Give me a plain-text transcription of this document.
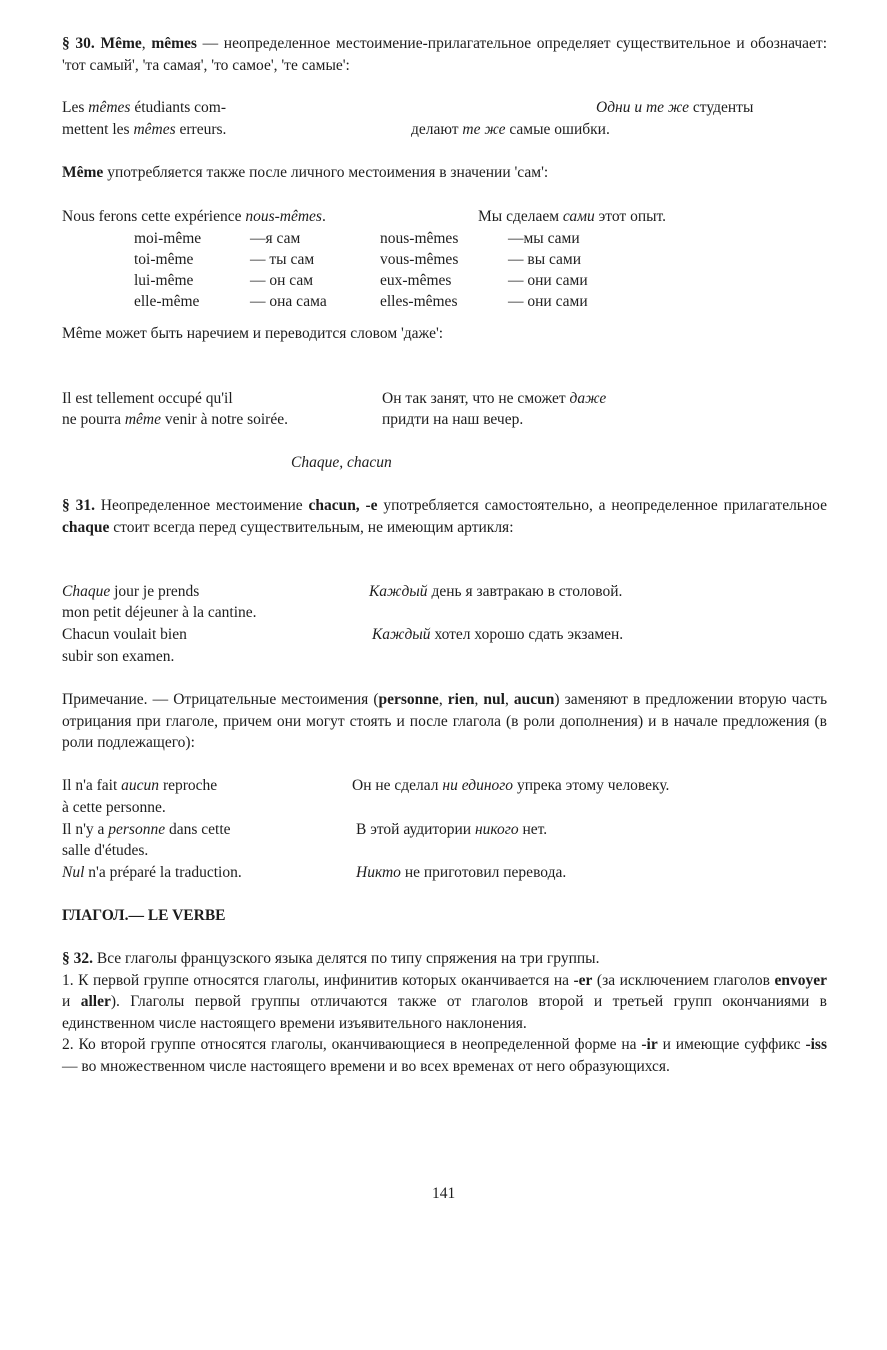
§ 30. Même, mêmes — неопределенное местоимение-прилагательное определяет существительное и обозначает: 'тот самый', 'та самая', 'то самое', 'те самые':
Les mêmes étudiants com-
mettent les mêmes erreurs.
Одни и те же студенты
делают те же самые ошибки.
Même употребляется также после личного местоимения в значении 'сам':
Nous ferons cette expérience nous-mêmes.	Мы сделаем сами этот опыт.
moi-même	—я сам	nous-mêmes	—мы сами
toi-même	— ты сам	vous-mêmes	— вы сами
lui-même	— он сам	eux-mêmes	— они сами
elle-même	— она сама	elles-mêmes	— они сами
Même может быть наречием и переводится словом 'даже':
Il est tellement occupé qu'il
ne pourra même venir à notre soirée.
Он так занят, что не сможет даже
придти на наш вечер.
Chaque, chacun
§ 31. Неопределенное местоимение chacun, -e употребляется самостоятельно, а неопределенное прилагательное chaque стоит всегда перед существительным, не имеющим артикля:
Chaque jour je prends
mon petit déjeuner à la cantine.
Каждый день я завтракаю в столовой.
Chacun voulait bien
subir son examen.
Каждый хотел хорошо сдать экзамен.
Примечание. — Отрицательные местоимения (personne, rien, nul, aucun) заменяют в предложении вторую часть отрицания при глаголе, причем они могут стоять и после глагола (в роли дополнения) и в начале предложения (в роли подлежащего):
Il n'a fait aucun reproche
à cette personne.
Он не сделал ни единого упрека этому человеку.
Il n'y a personne dans cette
salle d'études.
В этой аудитории никого нет.
Nul n'a préparé la traduction.	Никто не приготовил перевода.
ГЛАГОЛ.— LE VERBE
§ 32. Все глаголы французского языка делятся по типу спряжения на три группы.
1. К первой группе относятся глаголы, инфинитив которых оканчивается на -er (за исключением глаголов envoyer и aller). Глаголы первой группы отличаются также от глаголов второй и третьей групп окончаниями в единственном числе настоящего времени изъявительного наклонения.
2. Ко второй группе относятся глаголы, оканчивающиеся в неопределенной форме на -ir и имеющие суффикс -iss — во множественном числе настоящего времени и во всех временах от него образующихся.
141
